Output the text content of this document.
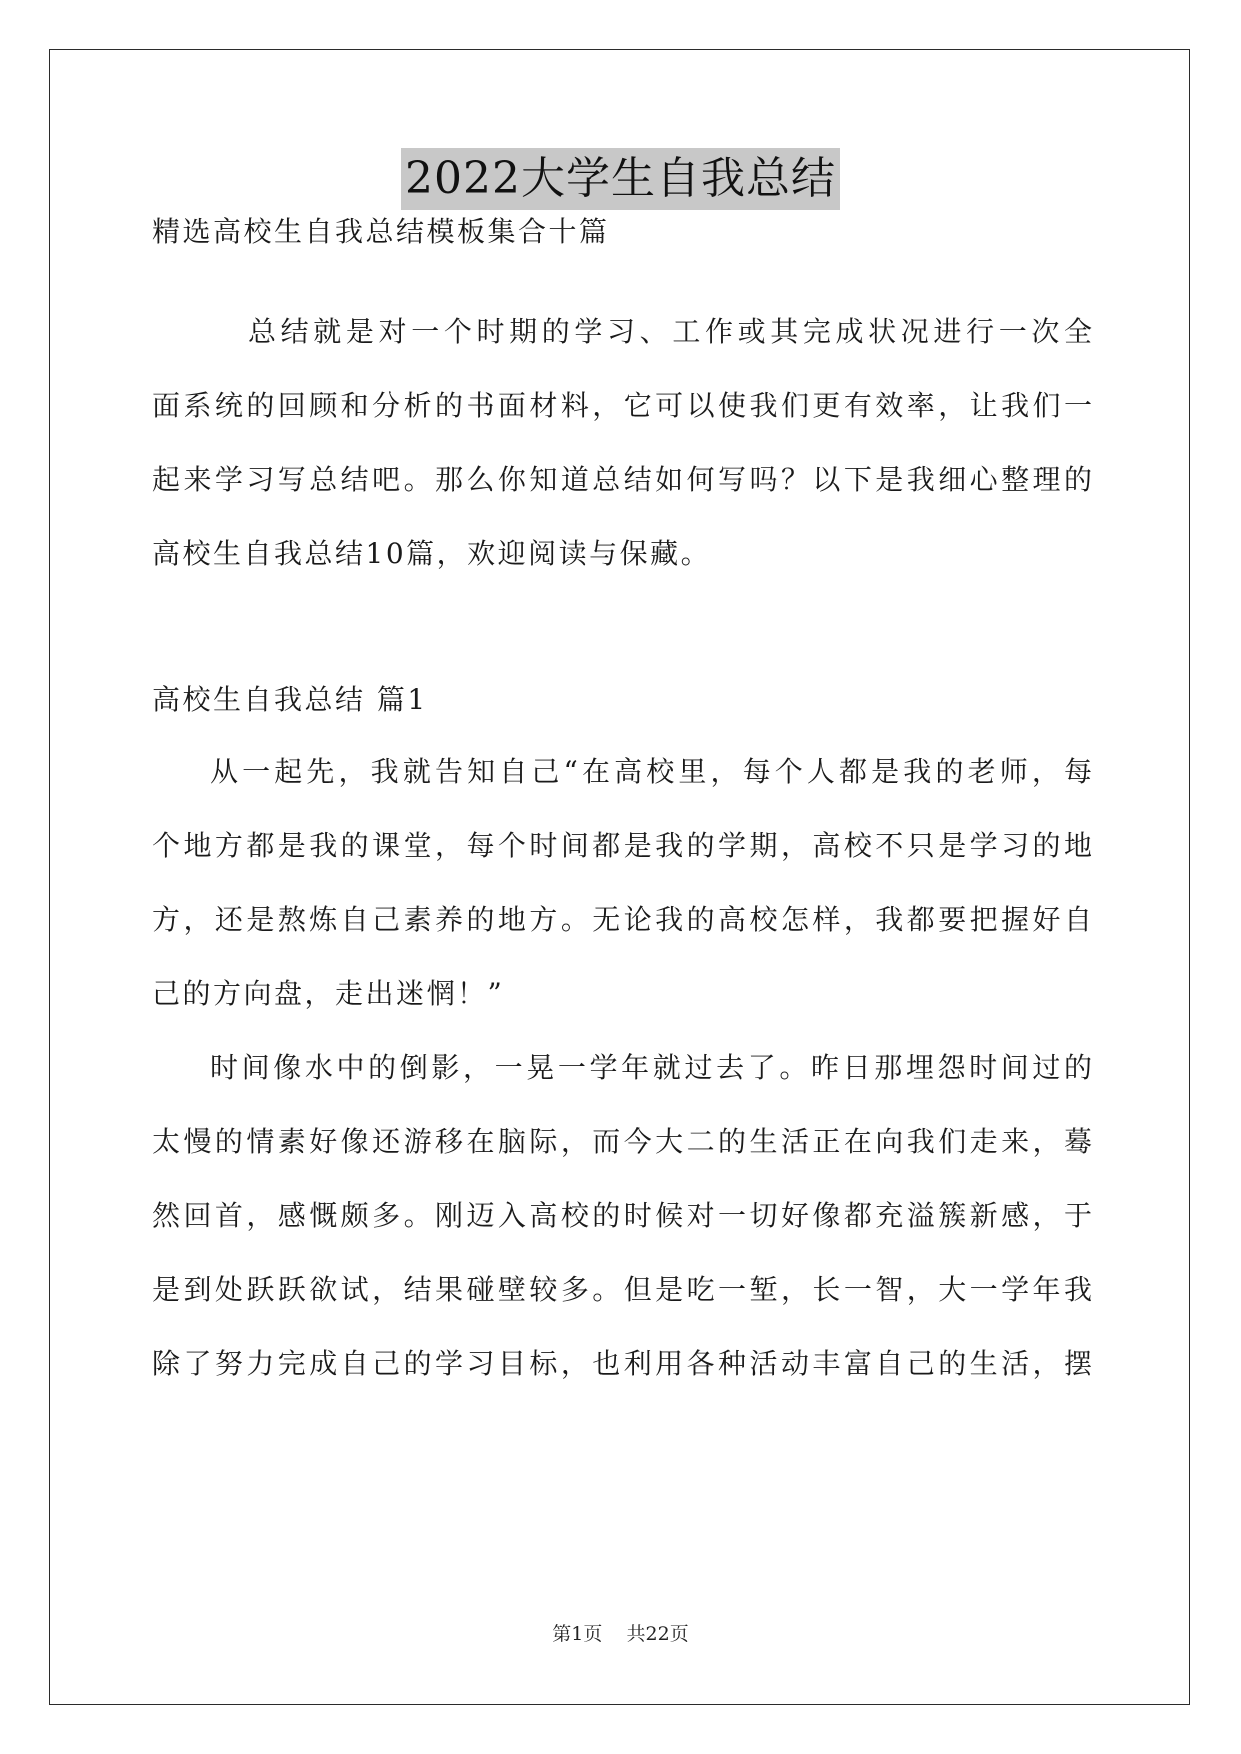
2022大学生自我总结
精选高校生自我总结模板集合十篇
总结就是对一个时期的学习、工作或其完成状况进行一次全
面系统的回顾和分析的书面材料，它可以使我们更有效率，让我们一
起来学习写总结吧。那么你知道总结如何写吗？以下是我细心整理的
高校生自我总结10篇，欢迎阅读与保藏。
高校生自我总结 篇1
从一起先，我就告知自己“在高校里，每个人都是我的老师，每
个地方都是我的课堂，每个时间都是我的学期，高校不只是学习的地
方，还是熬炼自己素养的地方。无论我的高校怎样，我都要把握好自
己的方向盘，走出迷惘！”
时间像水中的倒影，一晃一学年就过去了。昨日那埋怨时间过的
太慢的情素好像还游移在脑际，而今大二的生活正在向我们走来，蓦
然回首，感慨颇多。刚迈入高校的时候对一切好像都充溢簇新感，于
是到处跃跃欲试，结果碰壁较多。但是吃一堑，长一智，大一学年我
除了努力完成自己的学习目标，也利用各种活动丰富自己的生活，摆
第1页 共22页
